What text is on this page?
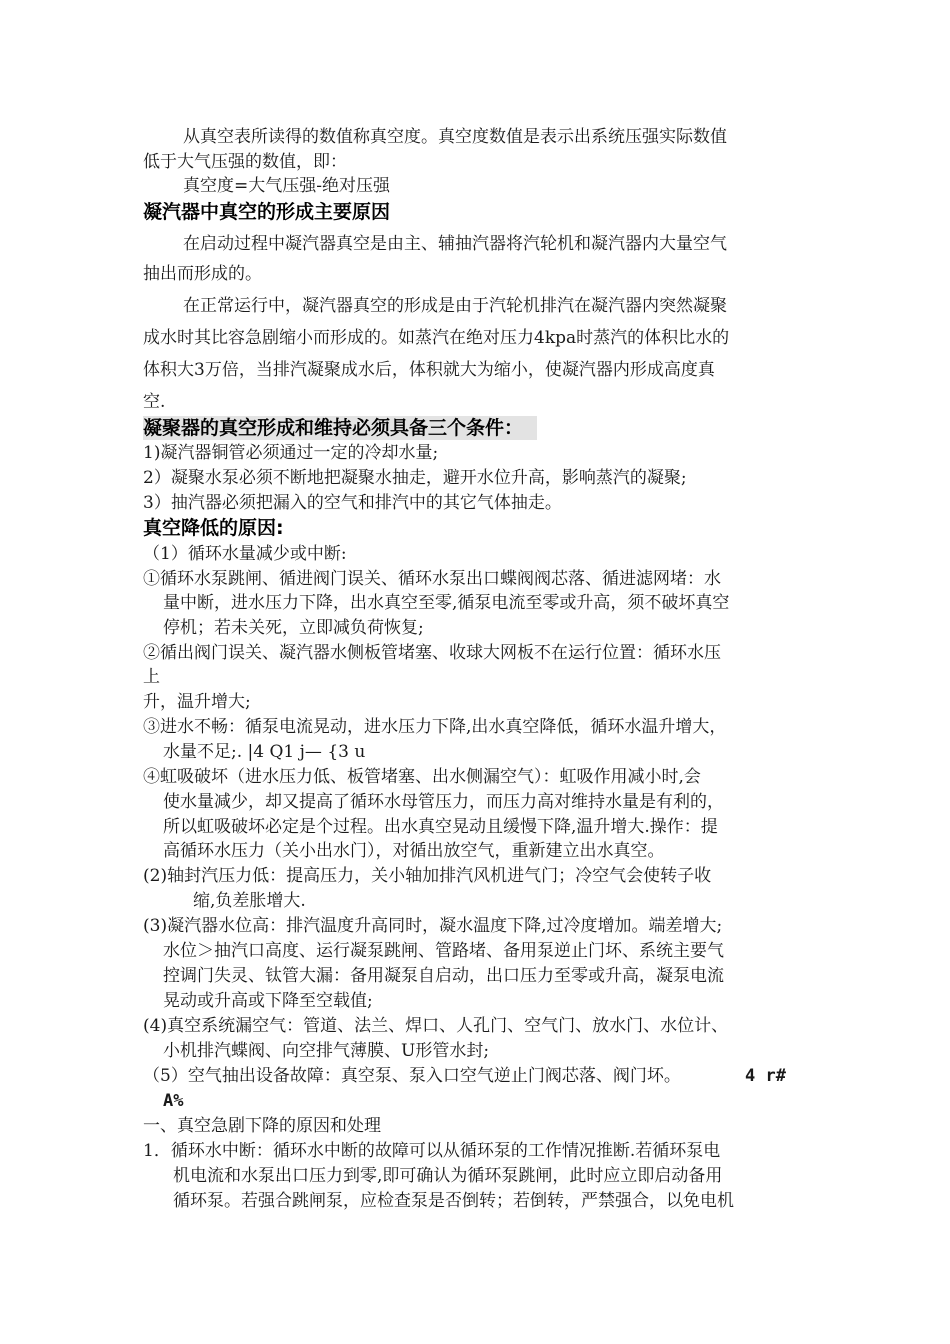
从真空表所读得的数值称真空度。真空度数值是表示出系统压强实际数值
低于大气压强的数值，即：
真空度=大气压强-绝对压强
凝汽器中真空的形成主要原因
在启动过程中凝汽器真空是由主、辅抽汽器将汽轮机和凝汽器内大量空气
抽出而形成的。
在正常运行中，凝汽器真空的形成是由于汽轮机排汽在凝汽器内突然凝聚
成水时其比容急剧缩小而形成的。如蒸汽在绝对压力4kpa时蒸汽的体积比水的
体积大3万倍，当排汽凝聚成水后，体积就大为缩小，使凝汽器内形成高度真
空.
凝聚器的真空形成和维持必须具备三个条件：
1)凝汽器铜管必须通过一定的冷却水量;
2）凝聚水泵必须不断地把凝聚水抽走，避开水位升高，影响蒸汽的凝聚;
3）抽汽器必须把漏入的空气和排汽中的其它气体抽走。
真空降低的原因:
（1）循环水量减少或中断:
①循环水泵跳闸、循进阀门误关、循环水泵出口蝶阀阀芯落、循进滤网堵：水
量中断，进水压力下降，出水真空至零,循泵电流至零或升高，须不破坏真空
停机；若未关死，立即减负荷恢复;
②循出阀门误关、凝汽器水侧板管堵塞、收球大网板不在运行位置：循环水压
上
升，温升增大;
③进水不畅：循泵电流晃动，进水压力下降,出水真空降低，循环水温升增大，
水量不足;. |4 Q1 j— {3 u
④虹吸破坏（进水压力低、板管堵塞、出水侧漏空气）：虹吸作用减小时,会
使水量减少，却又提高了循环水母管压力，而压力高对维持水量是有利的，
所以虹吸破坏必定是个过程。出水真空晃动且缓慢下降,温升增大.操作：提
高循环水压力（关小出水门），对循出放空气，重新建立出水真空。
(2)轴封汽压力低：提高压力，关小轴加排汽风机进气门；冷空气会使转子收
缩,负差胀增大.
(3)凝汽器水位高：排汽温度升高同时，凝水温度下降,过冷度增加。端差增大;
水位＞抽汽口高度、运行凝泵跳闸、管路堵、备用泵逆止门坏、系统主要气
控调门失灵、钛管大漏：备用凝泵自启动，出口压力至零或升高，凝泵电流
晃动或升高或下降至空载值;
(4)真空系统漏空气：管道、法兰、焊口、人孔门、空气门、放水门、水位计、
小机排汽蝶阀、向空排气薄膜、U形管水封;
（5）空气抽出设备故障：真空泵、泵入口空气逆止门阀芯落、阀门坏。	4 r#
A%
一、真空急剧下降的原因和处理
1．循环水中断：循环水中断的故障可以从循环泵的工作情况推断.若循环泵电
机电流和水泵出口压力到零,即可确认为循环泵跳闸，此时应立即启动备用
循环泵。若强合跳闸泵，应检查泵是否倒转；若倒转，严禁强合，以免电机
